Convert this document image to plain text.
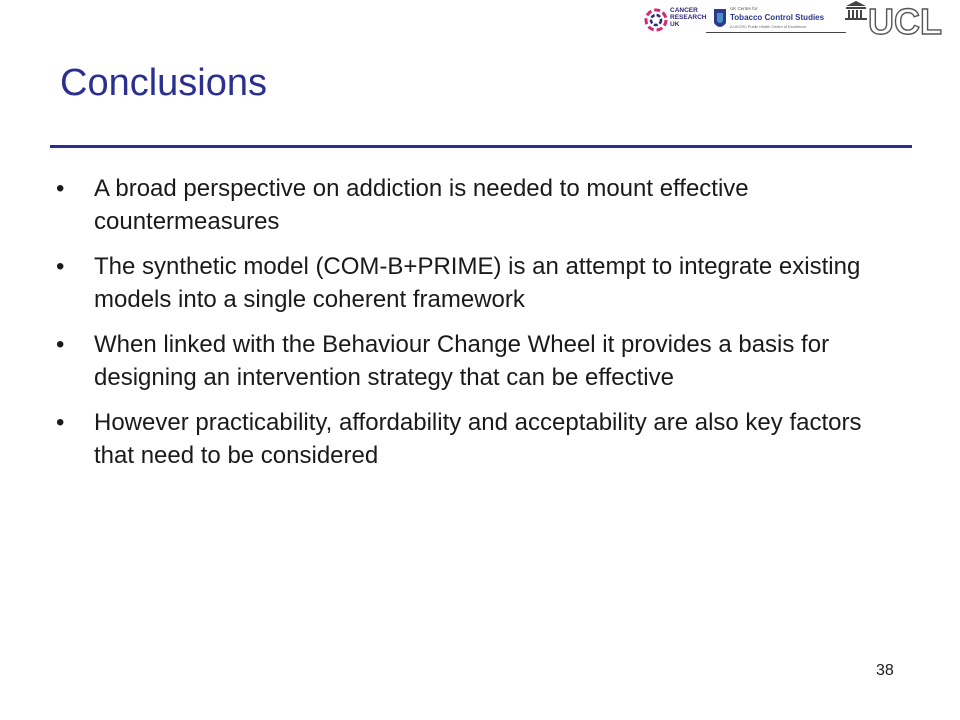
CANCER
RESEARCH
UK
UK Centre for
Tobacco Control Studies
A UKCRC Public Health Centre of Excellence UCL
Conclusions
• A broad perspective on addiction is needed to mount effective countermeasures
• The synthetic model (COM-B+PRIME) is an attempt to integrate existing models into a single coherent framework
• When linked with the Behaviour Change Wheel it provides a basis for designing an intervention strategy that can be effective
• However practicability, affordability and acceptability are also key factors that need to be considered
38
